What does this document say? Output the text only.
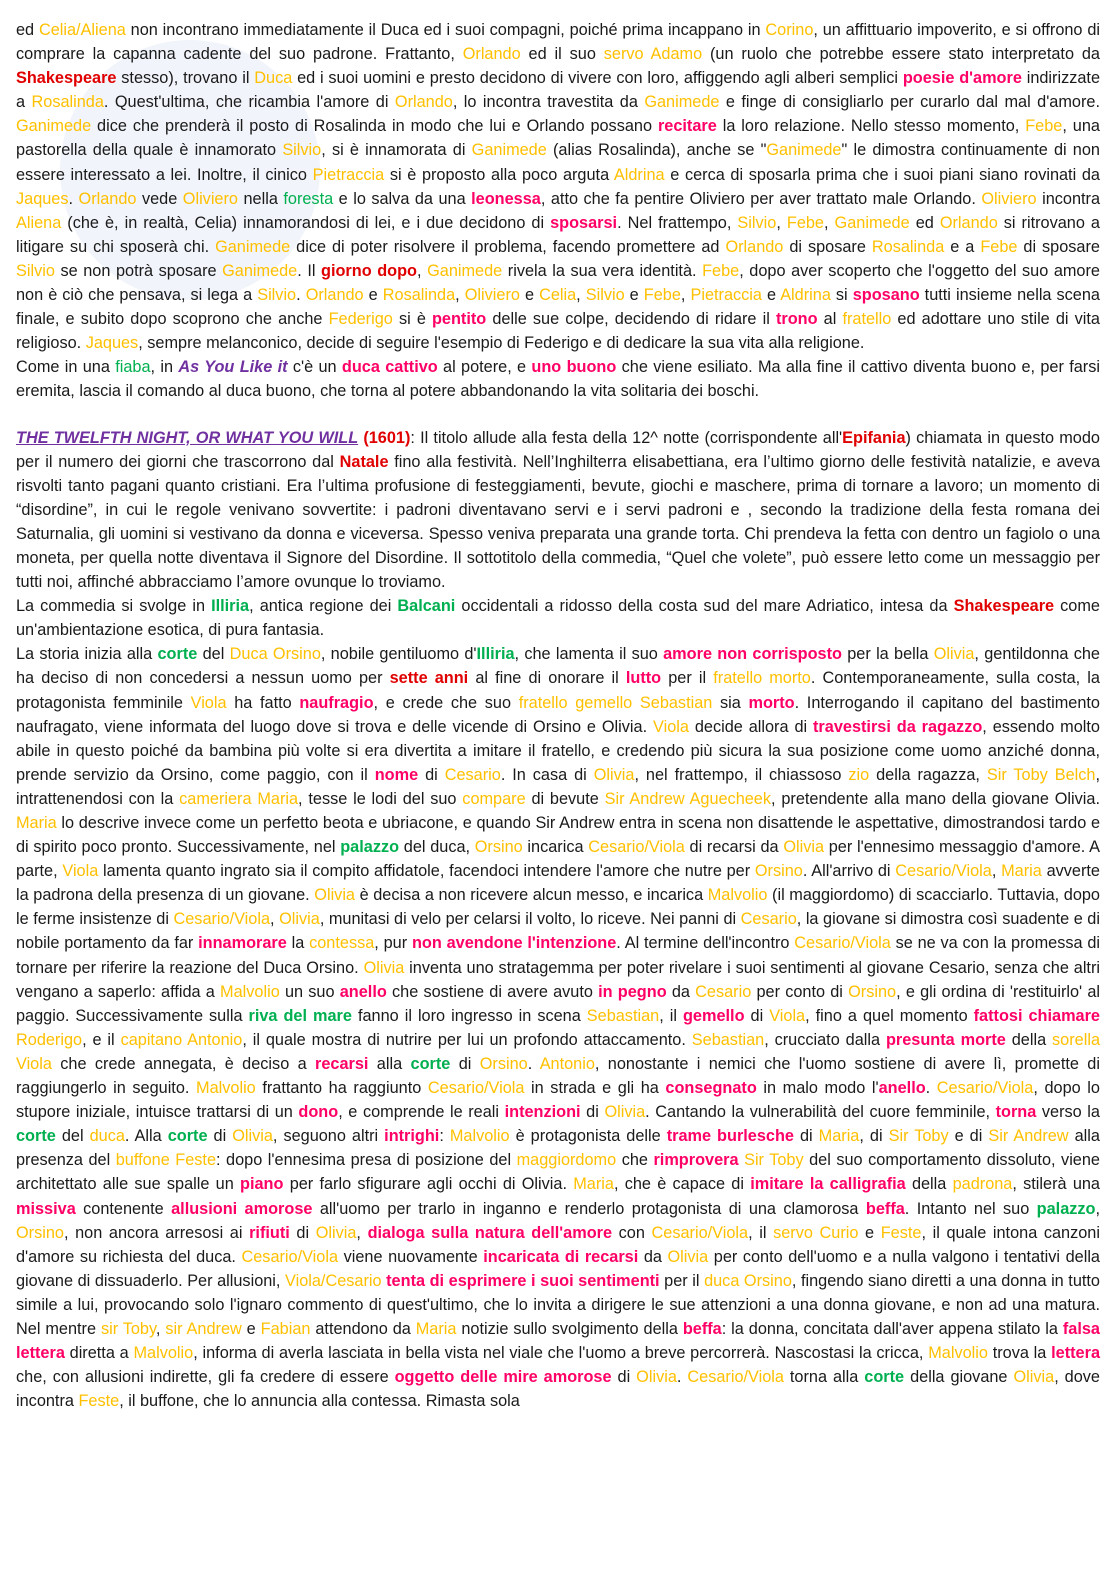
ed Celia/Aliena non incontrano immediatamente il Duca ed i suoi compagni, poiché prima incappano in Corino, un affittuario impoverito, e si offrono di comprare la capanna cadente del suo padrone. Frattanto, Orlando ed il suo servo Adamo (un ruolo che potrebbe essere stato interpretato da Shakespeare stesso), trovano il Duca ed i suoi uomini e presto decidono di vivere con loro, affiggendo agli alberi semplici poesie d'amore indirizzate a Rosalinda. Quest'ultima, che ricambia l'amore di Orlando, lo incontra travestita da Ganimede e finge di consigliarlo per curarlo dal mal d'amore. Ganimede dice che prenderà il posto di Rosalinda in modo che lui e Orlando possano recitare la loro relazione. Nello stesso momento, Febe, una pastorella della quale è innamorato Silvio, si è innamorata di Ganimede (alias Rosalinda), anche se "Ganimede" le dimostra continuamente di non essere interessato a lei. Inoltre, il cinico Pietraccia si è proposto alla poco arguta Aldrina e cerca di sposarla prima che i suoi piani siano rovinati da Jaques. Orlando vede Oliviero nella foresta e lo salva da una leonessa, atto che fa pentire Oliviero per aver trattato male Orlando. Oliviero incontra Aliena (che è, in realtà, Celia) innamorandosi di lei, e i due decidono di sposarsi. Nel frattempo, Silvio, Febe, Ganimede ed Orlando si ritrovano a litigare su chi sposerà chi. Ganimede dice di poter risolvere il problema, facendo promettere ad Orlando di sposare Rosalinda e a Febe di sposare Silvio se non potrà sposare Ganimede. Il giorno dopo, Ganimede rivela la sua vera identità. Febe, dopo aver scoperto che l'oggetto del suo amore non è ciò che pensava, si lega a Silvio. Orlando e Rosalinda, Oliviero e Celia, Silvio e Febe, Pietraccia e Aldrina si sposano tutti insieme nella scena finale, e subito dopo scoprono che anche Federigo si è pentito delle sue colpe, decidendo di ridare il trono al fratello ed adottare uno stile di vita religioso. Jaques, sempre melanconico, decide di seguire l'esempio di Federigo e di dedicare la sua vita alla religione.

Come in una fiaba, in As You Like it c'è un duca cattivo al potere, e uno buono che viene esiliato. Ma alla fine il cattivo diventa buono e, per farsi eremita, lascia il comando al duca buono, che torna al potere abbandonando la vita solitaria dei boschi.

THE TWELFTH NIGHT, OR WHAT YOU WILL (1601): Il titolo allude alla festa della 12^ notte (corrispondente all'Epifania) chiamata in questo modo per il numero dei giorni che trascorrono dal Natale fino alla festività. Nell’Inghilterra elisabettiana, era l’ultimo giorno delle festività natalizie, e aveva risvolti tanto pagani quanto cristiani. Era l’ultima profusione di festeggiamenti, bevute, giochi e maschere, prima di tornare a lavoro; un momento di “disordine”, in cui le regole venivano sovvertite: i padroni diventavano servi e i servi padroni e , secondo la tradizione della festa romana dei Saturnalia, gli uomini si vestivano da donna e viceversa. Spesso veniva preparata una grande torta. Chi prendeva la fetta con dentro un fagiolo o una moneta, per quella notte diventava il Signore del Disordine. Il sottotitolo della commedia, “Quel che volete”, può essere letto come un messaggio per tutti noi, affinché abbracciamo l’amore ovunque lo troviamo.

La commedia si svolge in Illiria, antica regione dei Balcani occidentali a ridosso della costa sud del mare Adriatico, intesa da Shakespeare come un'ambientazione esotica, di pura fantasia.

La storia inizia alla corte del Duca Orsino, nobile gentiluomo d'Illiria, che lamenta il suo amore non corrisposto per la bella Olivia, gentildonna che ha deciso di non concedersi a nessun uomo per sette anni al fine di onorare il lutto per il fratello morto. Contemporaneamente, sulla costa, la protagonista femminile Viola ha fatto naufragio, e crede che suo fratello gemello Sebastian sia morto. Interrogando il capitano del bastimento naufragato, viene informata del luogo dove si trova e delle vicende di Orsino e Olivia. Viola decide allora di travestirsi da ragazzo, essendo molto abile in questo poiché da bambina più volte si era divertita a imitare il fratello, e credendo più sicura la sua posizione come uomo anziché donna, prende servizio da Orsino, come paggio, con il nome di Cesario. In casa di Olivia, nel frattempo, il chiassoso zio della ragazza, Sir Toby Belch, intrattenendosi con la cameriera Maria, tesse le lodi del suo compare di bevute Sir Andrew Aguecheek, pretendente alla mano della giovane Olivia. Maria lo descrive invece come un perfetto beota e ubriacone, e quando Sir Andrew entra in scena non disattende le aspettative, dimostrandosi tardo e di spirito poco pronto. Successivamente, nel palazzo del duca, Orsino incarica Cesario/Viola di recarsi da Olivia per l'ennesimo messaggio d'amore. A parte, Viola lamenta quanto ingrato sia il compito affidatole, facendoci intendere l'amore che nutre per Orsino. All'arrivo di Cesario/Viola, Maria avverte la padrona della presenza di un giovane. Olivia è decisa a non ricevere alcun messo, e incarica Malvolio (il maggiordomo) di scacciarlo. Tuttavia, dopo le ferme insistenze di Cesario/Viola, Olivia, munitasi di velo per celarsi il volto, lo riceve. Nei panni di Cesario, la giovane si dimostra così suadente e di nobile portamento da far innamorare la contessa, pur non avendone l'intenzione. Al termine dell'incontro Cesario/Viola se ne va con la promessa di tornare per riferire la reazione del Duca Orsino. Olivia inventa uno stratagemma per poter rivelare i suoi sentimenti al giovane Cesario, senza che altri vengano a saperlo: affida a Malvolio un suo anello che sostiene di avere avuto in pegno da Cesario per conto di Orsino, e gli ordina di 'restituirlo' al paggio. Successivamente sulla riva del mare fanno il loro ingresso in scena Sebastian, il gemello di Viola, fino a quel momento fattosi chiamare Roderigo, e il capitano Antonio, il quale mostra di nutrire per lui un profondo attaccamento. Sebastian, crucciato dalla presunta morte della sorella Viola che crede annegata, è deciso a recarsi alla corte di Orsino. Antonio, nonostante i nemici che l'uomo sostiene di avere lì, promette di raggiungerlo in seguito. Malvolio frattanto ha raggiunto Cesario/Viola in strada e gli ha consegnato in malo modo l'anello. Cesario/Viola, dopo lo stupore iniziale, intuisce trattarsi di un dono, e comprende le reali intenzioni di Olivia. Cantando la vulnerabilità del cuore femminile, torna verso la corte del duca. Alla corte di Olivia, seguono altri intrighi: Malvolio è protagonista delle trame burlesche di Maria, di Sir Toby e di Sir Andrew alla presenza del buffone Feste: dopo l'ennesima presa di posizione del maggiordomo che rimprovera Sir Toby del suo comportamento dissoluto, viene architettato alle sue spalle un piano per farlo sfigurare agli occhi di Olivia. Maria, che è capace di imitare la calligrafia della padrona, stilerà una missiva contenente allusioni amorose all'uomo per trarlo in inganno e renderlo protagonista di una clamorosa beffa. Intanto nel suo palazzo, Orsino, non ancora arresosi ai rifiuti di Olivia, dialoga sulla natura dell'amore con Cesario/Viola, il servo Curio e Feste, il quale intona canzoni d'amore su richiesta del duca. Cesario/Viola viene nuovamente incaricata di recarsi da Olivia per conto dell'uomo e a nulla valgono i tentativi della giovane di dissuaderlo. Per allusioni, Viola/Cesario tenta di esprimere i suoi sentimenti per il duca Orsino, fingendo siano diretti a una donna in tutto simile a lui, provocando solo l'ignaro commento di quest'ultimo, che lo invita a dirigere le sue attenzioni a una donna giovane, e non ad una matura. Nel mentre sir Toby, sir Andrew e Fabian attendono da Maria notizie sullo svolgimento della beffa: la donna, concitata dall'aver appena stilato la falsa lettera diretta a Malvolio, informa di averla lasciata in bella vista nel viale che l'uomo a breve percorrerà. Nascostasi la cricca, Malvolio trova la lettera che, con allusioni indirette, gli fa credere di essere oggetto delle mire amorose di Olivia. Cesario/Viola torna alla corte della giovane Olivia, dove incontra Feste, il buffone, che lo annuncia alla contessa. Rimasta sola
